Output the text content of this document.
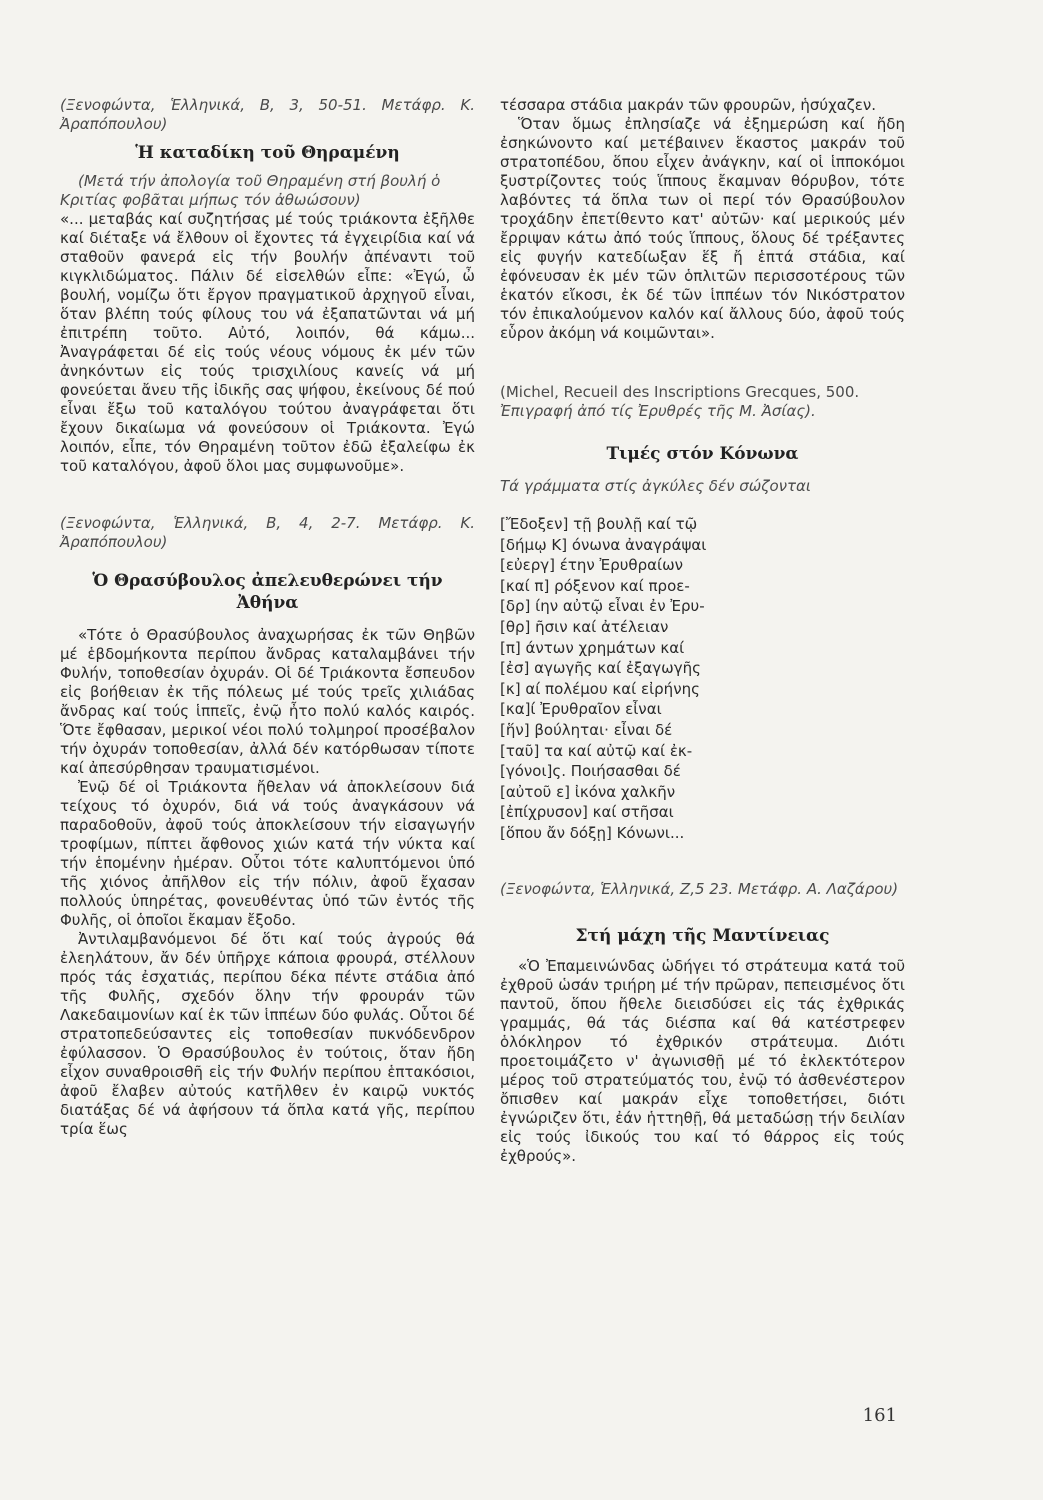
(Ξενοφώντα, Ἑλληνικά, Β, 3, 50-51. Μετάφρ. Κ. Ἀραπόπουλου)

Ἡ καταδίκη τοῦ Θηραμένη

(Μετά τήν ἀπολογία τοῦ Θηραμένη στή βουλή ὁ Κριτίας φοβᾶται μήπως τόν ἀθωώσουν)

«... μεταβάς καί συζητήσας μέ τούς τριάκοντα ἐξῆλθε καί διέταξε νά ἔλθουν οἱ ἔχοντες τά ἐγχειρίδια καί νά σταθοῦν φανερά εἰς τήν βουλήν ἀπέναντι τοῦ κιγκλιδώματος. Πάλιν δέ εἰσελθών εἶπε: «Ἐγώ, ὦ βουλή, νομίζω ὅτι ἔργον πραγματικοῦ ἀρχηγοῦ εἶναι, ὅταν βλέπη τούς φίλους του νά ἐξαπατῶνται νά μή ἐπιτρέπη τοῦτο. Αὐτό, λοιπόν, θά κάμω... Ἀναγράφεται δέ εἰς τούς νέους νόμους ἐκ μέν τῶν ἀνηκόντων εἰς τούς τρισχιλίους κανείς νά μή φονεύεται ἄνευ τῆς ἰδικῆς σας ψήφου, ἐκείνους δέ πού εἶναι ἔξω τοῦ καταλόγου τούτου ἀναγράφεται ὅτι ἔχουν δικαίωμα νά φονεύσουν οἱ Τριάκοντα. Ἐγώ λοιπόν, εἶπε, τόν Θηραμένη τοῦτον ἐδῶ ἐξαλείφω ἐκ τοῦ καταλόγου, ἀφοῦ ὅλοι μας συμφωνοῦμε».

(Ξενοφώντα, Ἑλληνικά, Β, 4, 2-7. Μετάφρ. Κ. Ἀραπόπουλου)

Ὁ Θρασύβουλος ἀπελευθερώνει τήν Ἀθήνα

«Τότε ὁ Θρασύβουλος ἀναχωρήσας ἐκ τῶν Θηβῶν μέ ἑβδομήκοντα περίπου ἄνδρας καταλαμβάνει τήν Φυλήν, τοποθεσίαν ὀχυράν. Οἱ δέ Τριάκοντα ἔσπευδον εἰς βοήθειαν ἐκ τῆς πόλεως μέ τούς τρεῖς χιλιάδας ἄνδρας καί τούς ἱππεῖς, ἐνῷ ἦτο πολύ καλός καιρός. Ὅτε ἔφθασαν, μερικοί νέοι πολύ τολμηροί προσέβαλον τήν ὀχυράν τοποθεσίαν, ἀλλά δέν κατόρθωσαν τίποτε καί ἀπεσύρθησαν τραυματισμένοι.

Ἐνῷ δέ οἱ Τριάκοντα ἤθελαν νά ἀποκλείσουν διά τείχους τό ὀχυρόν, διά νά τούς ἀναγκάσουν νά παραδοθοῦν, ἀφοῦ τούς ἀποκλείσουν τήν εἰσαγωγήν τροφίμων, πίπτει ἄφθονος χιών κατά τήν νύκτα καί τήν ἑπομένην ἡμέραν. Οὗτοι τότε καλυπτόμενοι ὑπό τῆς χιόνος ἀπῆλθον εἰς τήν πόλιν, ἀφοῦ ἔχασαν πολλούς ὑπηρέτας, φονευθέντας ὑπό τῶν ἐντός τῆς Φυλῆς, οἱ ὁποῖοι ἔκαμαν ἔξοδο.

Ἀντιλαμβανόμενοι δέ ὅτι καί τούς ἀγρούς θά ἐλεηλάτουν, ἄν δέν ὑπῆρχε κάποια φρουρά, στέλλουν πρός τάς ἐσχατιάς, περίπου δέκα πέντε στάδια ἀπό τῆς Φυλῆς, σχεδόν ὅλην τήν φρουράν τῶν Λακεδαιμονίων καί ἐκ τῶν ἱππέων δύο φυλάς. Οὗτοι δέ στρατοπεδεύσαντες εἰς τοποθεσίαν πυκνόδενδρον ἐφύλασσον. Ὁ Θρασύβουλος ἐν τούτοις, ὅταν ἤδη εἶχον συναθροισθῆ εἰς τήν Φυλήν περίπου ἑπτακόσιοι, ἀφοῦ ἔλαβεν αὐτούς κατῆλθεν ἐν καιρῷ νυκτός διατάξας δέ νά ἀφήσουν τά ὅπλα κατά γῆς, περίπου τρία ἕως

τέσσαρα στάδια μακράν τῶν φρουρῶν, ἡσύχαζεν.

Ὅταν ὅμως ἐπλησίαζε νά ἐξημερώση καί ἤδη ἐσηκώνοντο καί μετέβαινεν ἕκαστος μακράν τοῦ στρατοπέδου, ὅπου εἶχεν ἀνάγκην, καί οἱ ἱπποκόμοι ξυστρίζοντες τούς ἵππους ἔκαμναν θόρυβον, τότε λαβόντες τά ὅπλα των οἱ περί τόν Θρασύβουλον τροχάδην ἐπετίθεντο κατ' αὐτῶν· καί μερικούς μέν ἔρριψαν κάτω ἀπό τούς ἵππους, ὅλους δέ τρέξαντες εἰς φυγήν κατεδίωξαν ἕξ ἤ ἑπτά στάδια, καί ἐφόνευσαν ἐκ μέν τῶν ὁπλιτῶν περισσοτέρους τῶν ἑκατόν εἴκοσι, ἐκ δέ τῶν ἱππέων τόν Νικόστρατον τόν ἐπικαλούμενον καλόν καί ἄλλους δύο, ἀφοῦ τούς εὗρον ἀκόμη νά κοιμῶνται».

(Michel, Recueil des Inscriptions Grecques, 500.

Ἐπιγραφή ἀπό τίς Ἐρυθρές τῆς Μ. Ἀσίας).

Τιμές στόν Κόνωνα

Τά γράμματα στίς ἀγκύλες δέν σώζονται

[Ἔδοξεν] τῇ βουλῇ καί τῷ
[δήμῳ Κ] όνωνα ἀναγράψαι
[εὐεργ] έτην Ἐρυθραίων
[καί π] ρόξενον καί προε-
[δρ] ίην αὐτῷ εἶναι ἐν Ἐρυ-
[θρ] ῆσιν καί ἀτέλειαν
[π] άντων χρημάτων καί
[ἐσ] αγωγῆς καί ἐξαγωγῆς
[κ] αί πολέμου καί εἰρήνης
[κα]ί Ἐρυθραῖον εἶναι
[ἥν] βούληται· εἶναι δέ
[ταῦ] τα καί αὐτῷ καί ἐκ-
[γόνοι]ς. Ποιήσασθαι δέ
[αὐτοῦ ε] ἰκόνα χαλκῆν
[ἐπίχρυσον] καί στῆσαι
[ὅπου ἄν δόξῃ] Κόνωνι...

(Ξενοφώντα, Ἑλληνικά, Ζ,5 23. Μετάφρ. Α. Λαζάρου)

Στή μάχη τῆς Μαντίνειας

«Ὁ Ἐπαμεινώνδας ὡδήγει τό στράτευμα κατά τοῦ ἐχθροῦ ὡσάν τριήρη μέ τήν πρῶραν, πεπεισμένος ὅτι παντοῦ, ὅπου ἤθελε διεισδύσει εἰς τάς ἐχθρικάς γραμμάς, θά τάς διέσπα καί θά κατέστρεφεν ὁλόκληρον τό ἐχθρικόν στράτευμα. Διότι προετοιμάζετο ν' ἀγωνισθῇ μέ τό ἐκλεκτότερον μέρος τοῦ στρατεύματός του, ἐνῷ τό ἀσθενέστερον ὄπισθεν καί μακράν εἶχε τοποθετήσει, διότι ἐγνώριζεν ὅτι, ἐάν ἡττηθῇ, θά μεταδώσῃ τήν δειλίαν εἰς τούς ἰδικούς του καί τό θάρρος εἰς τούς ἐχθρούς».

161
